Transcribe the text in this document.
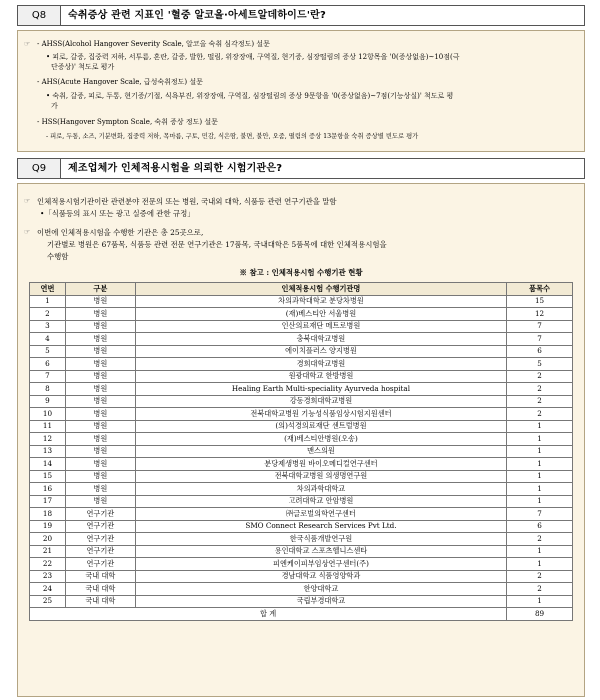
Q8	숙취증상 관련 지표인 '혈중 알코올·아세트알데하이드'란?
☞ - AHSS(Alcohol Hangover Severity Scale, 알코올 숙취 심각정도) 설문
• 피로, 갈증, 집중력 저하, 서투름, 혼란, 갈증, 발한, 떨림, 위장장애, 구역질, 현기증, 심장떨림의 증상 12항목을 '0(증상없음)~10점(극
단증상)' 척도로 평가
- AHS(Acute Hangover Scale, 급성숙취정도) 설문
• 숙취, 갈증, 피로, 두통, 현기증/기절, 식욕부진, 위장장애, 구역질, 심장떨림의 증상 9문항을 '0(증상없음)~7점(기능상실)' 척도로 평
가
- HSS(Hangover Sympton Scale, 숙취 증상 정도) 설문
- 피로, 두통, 소즈, 기분변화, 집중력 저하, 목마름, 구토, 민감, 식은땀, 불면, 불안, 오줌, 떨림의 증상 13문항을 숙취 증상별 빈도로 평가
Q9	제조업체가 인체적용시험을 의뢰한 시험기관은?
☞ 인체적용시험기관이란 관련분야 전문의 또는 병원, 국내외 대학, 식품등 관련 연구기관을 말함
•「식품등의 표시 또는 광고 실증에 관한 규정」
☞ 이번에 인체적용시험을 수행한 기관은 총 25곳으로,
기관별로 병원은 67품목, 식품등 관련 전문 연구기관은 17품목, 국내대학은 5품목에 대한 인체적용시험을
수행함
※ 참고 : 인체적용시험 수행기관 현황
연번	구분	인체적용시험 수행기관명	품목수
1	병원	차의과학대학교 분당차병원	15
2	병원	(재)베스티안 서울병원	12
3	병원	인산의료재단 메트로병원	7
4	병원	충북대학교병원	7
5	병원	에이치플러스 양지병원	6
6	병원	경희대학교병원	5
7	병원	원광대학교 한방병원	2
8	병원	Healing Earth Multi-speciality Ayurveda hospital	2
9	병원	강동경희대학교병원	2
10	병원	전북대학교병원 기능성식품임상시험지원센터	2
11	병원	(의)석경의료재단 센트럴병원	1
12	병원	(재)베스티안병원(오송)	1
13	병원	맨스의원	1
14	병원	분당제생병원 바이오메디컬연구센터	1
15	병원	전북대학교병원 의생명연구원	1
16	병원	차의과학대학교	1
17	병원	고려대학교 안암병원	1
18	연구기관	㈜글로벌의학연구센터	7
19	연구기관	SMO Connect Research Services Pvt Ltd.	6
20	연구기관	한국식품개발연구원	2
21	연구기관	용인대학교 스포츠헬니스센타	1
22	연구기관	피엔케이피부임상연구센터(주)	1
23	국내 대학	경남대학교 식품영양학과	2
24	국내 대학	한양대학교	2
25	국내 대학	국립부경대학교	1
합 계			89
